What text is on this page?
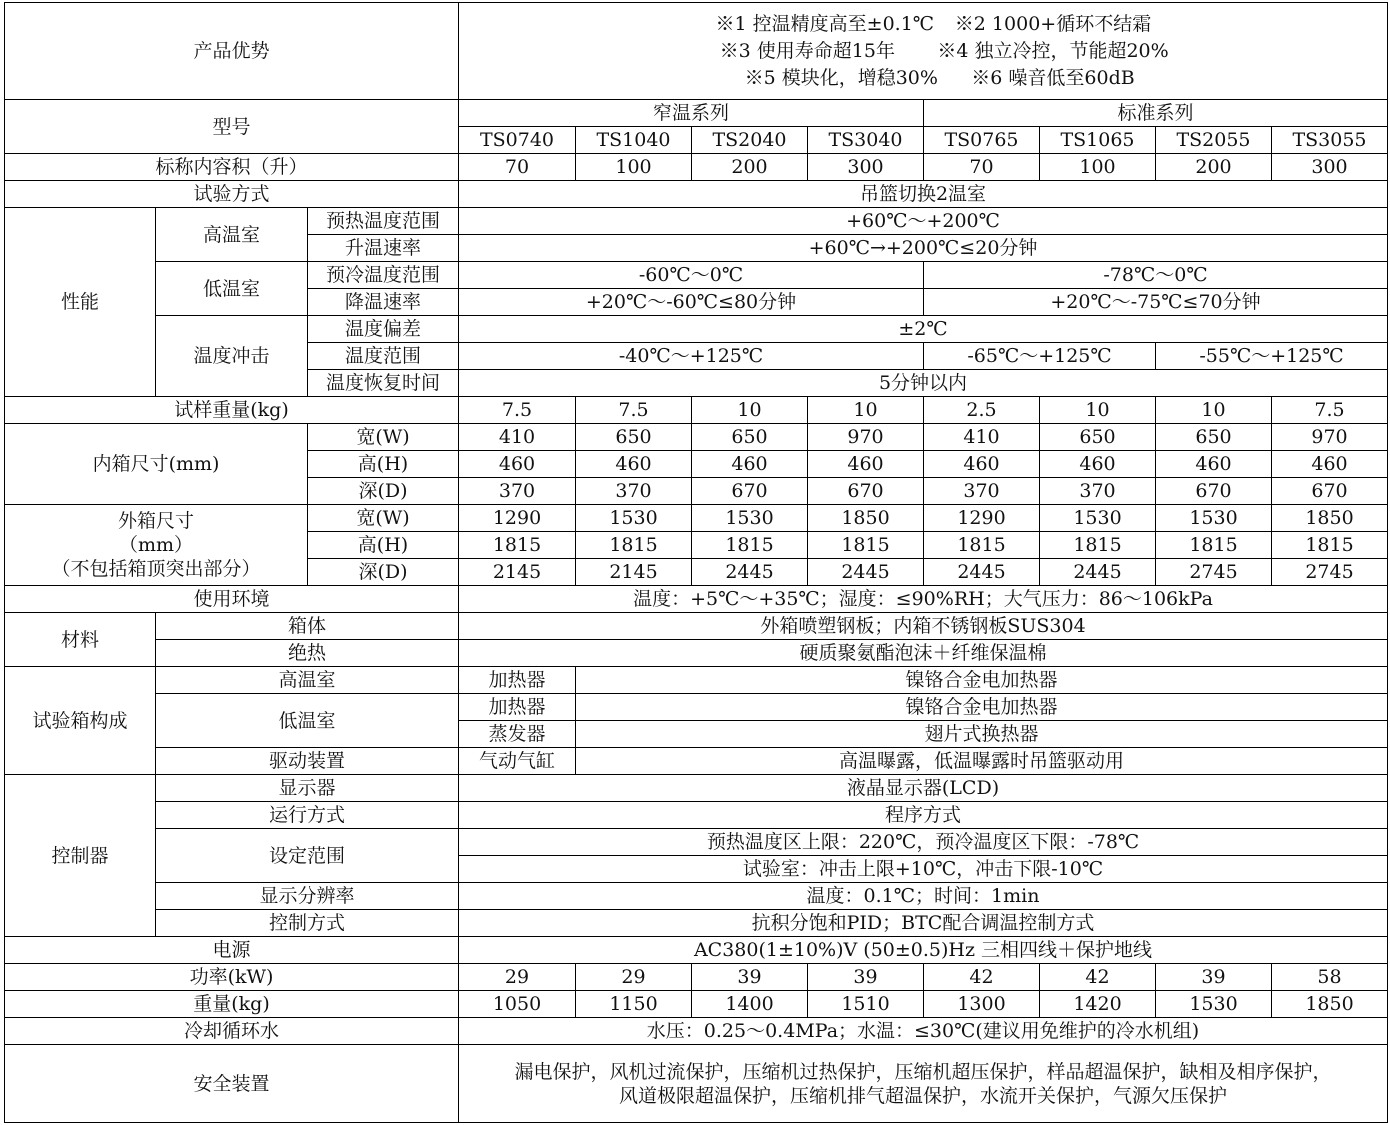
产品优势			※1 控温精度高至±0.1℃ ※2 1000+循环不结霜
※3 使用寿命超15年 ※4 独立冷控，节能超20%
※5 模块化，增稳30% ※6 噪音低至60dB							

型号			窄温系列				标准系列			
			TS0740	TS1040	TS2040	TS3040	TS0765	TS1065	TS2055	TS3055
标称内容积（升）			70	100	200	300	70	100	200	300
试验方式			吊篮切换2温室							
性能	高温室	预热温度范围	+60℃～+200℃							
		升温速率	+60℃→+200℃≤20分钟							
	低温室	预冷温度范围	-60℃～0℃				-78℃～0℃			
		降温速率	+20℃～-60℃≤80分钟				+20℃～-75℃≤70分钟			
	温度冲击	温度偏差	±2℃							
		温度范围	-40℃～+125℃				-65℃～+125℃		-55℃～+125℃	
		温度恢复时间	5分钟以内							
试样重量(kg)			7.5	7.5	10	10	2.5	10	10	7.5
内箱尺寸(mm)		宽(W)	410	650	650	970	410	650	650	970
		高(H)	460	460	460	460	460	460	460	460
		深(D)	370	370	670	670	370	370	670	670

外箱尺寸
（mm）
（不包括箱顶突出部分）		宽(W)	1290	1530	1530	1850	1290	1530	1530	1850
		高(H)	1815	1815	1815	1815	1815	1815	1815	1815
		深(D)	2145	2145	2445	2445	2445	2445	2745	2745
使用环境			温度：+5℃～+35℃；湿度：≤90%RH；大气压力：86～106kPa							
材料	箱体		外箱喷塑钢板；内箱不锈钢板SUS304							
	绝热		硬质聚氨酯泡沫＋纤维保温棉							
试验箱构成	高温室		加热器	镍铬合金电加热器						
	低温室		加热器	镍铬合金电加热器						
			蒸发器	翅片式换热器						
	驱动装置		气动气缸	高温曝露，低温曝露时吊篮驱动用						
控制器	显示器		液晶显示器(LCD)							
	运行方式		程序方式							
	设定范围		预热温度区上限：220℃，预冷温度区下限：-78℃							
			试验室：冲击上限+10℃，冲击下限-10℃							
	显示分辨率		温度：0.1℃；时间：1min							
	控制方式		抗积分饱和PID；BTC配合调温控制方式							
电源			AC380(1±10%)V (50±0.5)Hz 三相四线＋保护地线							
功率(kW)			29	29	39	39	42	42	39	58
重量(kg)			1050	1150	1400	1510	1300	1420	1530	1850
冷却循环水			水压：0.25～0.4MPa；水温：≤30℃(建议用免维护的冷水机组)							
安全装置			漏电保护，风机过流保护，压缩机过热保护，压缩机超压保护，样品超温保护，缺相及相序保护，
风道极限超温保护，压缩机排气超温保护，水流开关保护，气源欠压保护							
